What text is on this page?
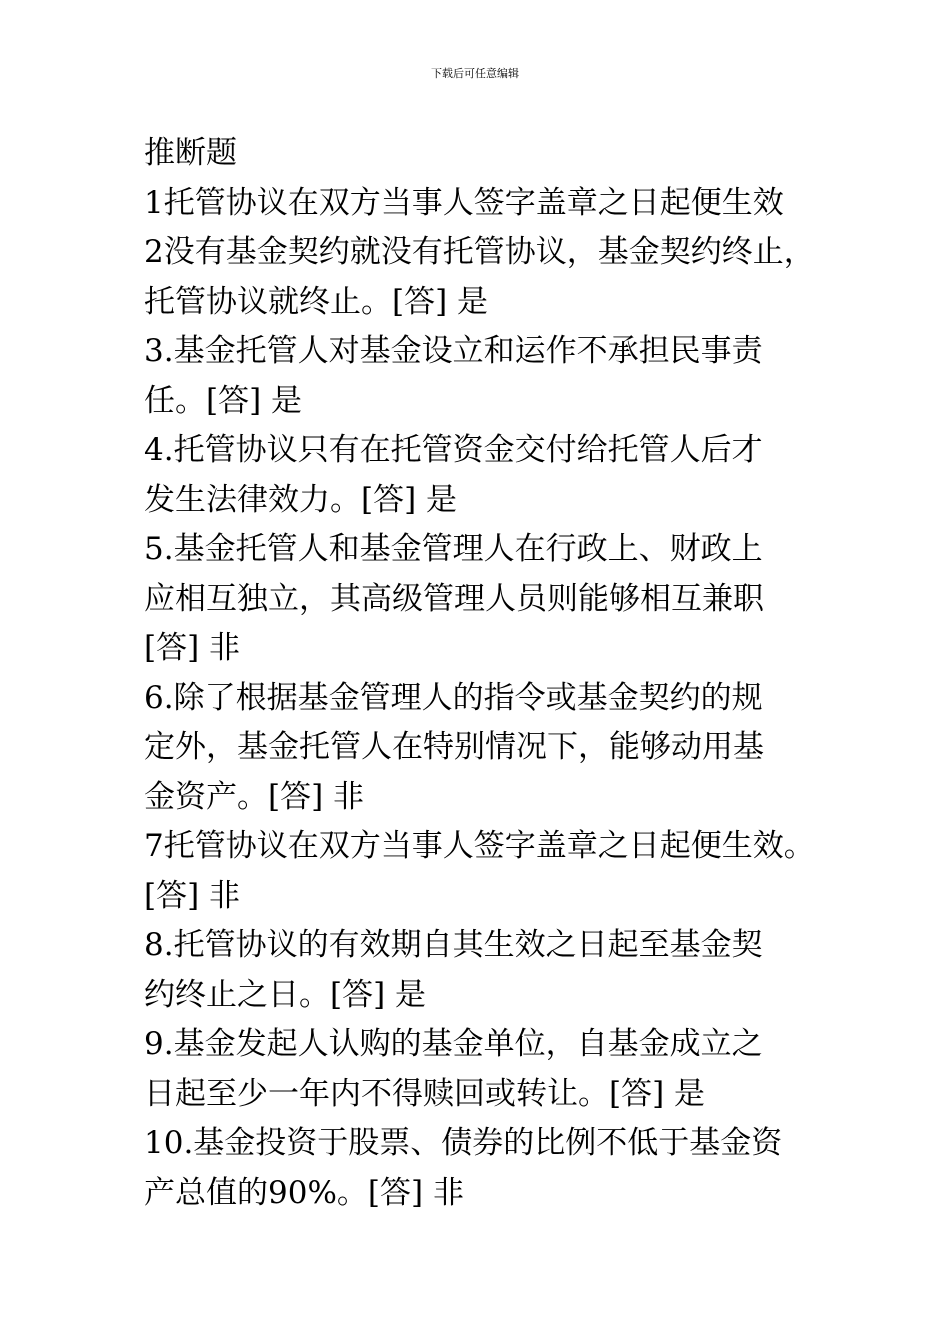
下载后可任意编辑
推断题
1托管协议在双方当事人签字盖章之日起便生效
2没有基金契约就没有托管协议，基金契约终止，
托管协议就终止。[答] 是
3.基金托管人对基金设立和运作不承担民事责
任。[答] 是
4.托管协议只有在托管资金交付给托管人后才
发生法律效力。[答] 是
5.基金托管人和基金管理人在行政上、财政上
应相互独立，其高级管理人员则能够相互兼职
[答] 非
6.除了根据基金管理人的指令或基金契约的规
定外，基金托管人在特别情况下，能够动用基
金资产。[答] 非
7托管协议在双方当事人签字盖章之日起便生效。
[答] 非
8.托管协议的有效期自其生效之日起至基金契
约终止之日。[答] 是
9.基金发起人认购的基金单位，自基金成立之
日起至少一年内不得赎回或转让。[答] 是
10.基金投资于股票、债券的比例不低于基金资
产总值的90%。[答] 非
